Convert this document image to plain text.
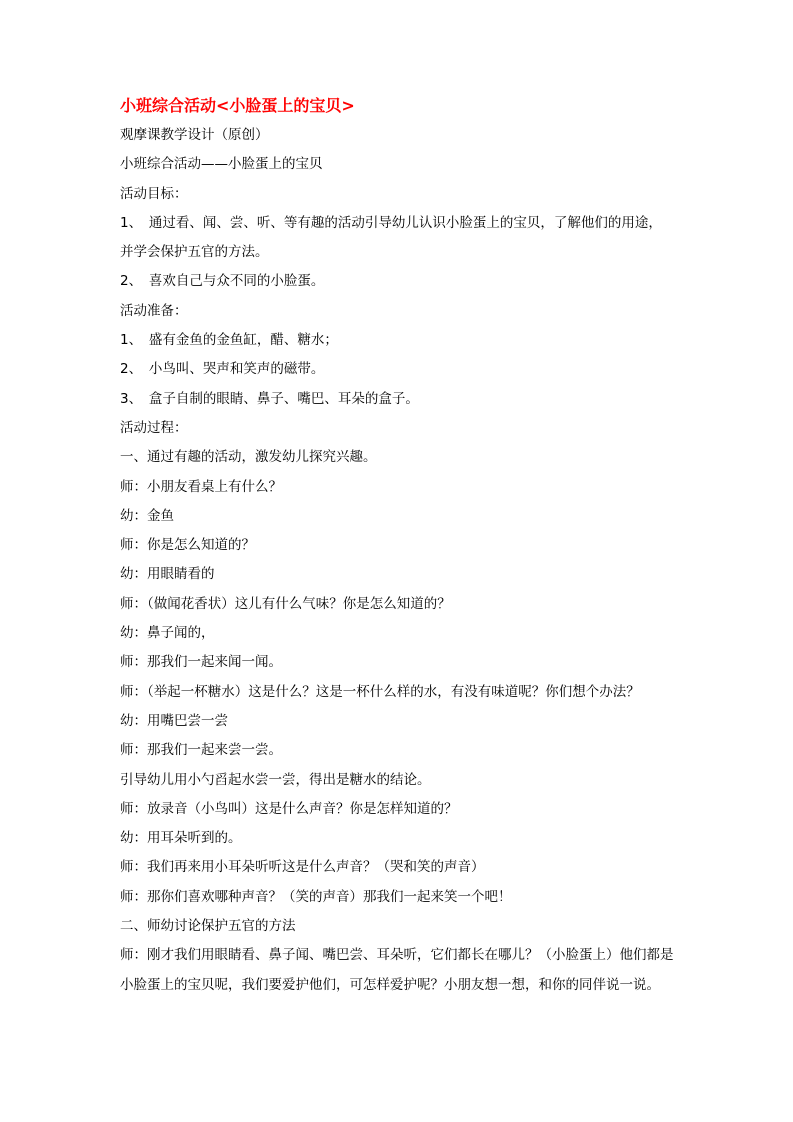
小班综合活动<小脸蛋上的宝贝>
观摩课教学设计（原创）
小班综合活动——小脸蛋上的宝贝
活动目标：
1、　通过看、闻、尝、听、等有趣的活动引导幼儿认识小脸蛋上的宝贝，了解他们的用途，并学会保护五官的方法。
2、　喜欢自己与众不同的小脸蛋。
活动准备：
1、　盛有金鱼的金鱼缸，醋、糖水；
2、　小鸟叫、哭声和笑声的磁带。
3、　盒子自制的眼睛、鼻子、嘴巴、耳朵的盒子。
活动过程：
一、通过有趣的活动，激发幼儿探究兴趣。
师：小朋友看桌上有什么？
幼：金鱼
师：你是怎么知道的？
幼：用眼睛看的
师：（做闻花香状）这儿有什么气味？你是怎么知道的？
幼：鼻子闻的，
师：那我们一起来闻一闻。
师：（举起一杯糖水）这是什么？这是一杯什么样的水，有没有味道呢？你们想个办法？
幼：用嘴巴尝一尝
师：那我们一起来尝一尝。
引导幼儿用小勺舀起水尝一尝，得出是糖水的结论。
师：放录音（小鸟叫）这是什么声音？你是怎样知道的？
幼：用耳朵听到的。
师：我们再来用小耳朵听听这是什么声音？（哭和笑的声音）
师：那你们喜欢哪种声音？（笑的声音）那我们一起来笑一个吧！
二、师幼讨论保护五官的方法
师：刚才我们用眼睛看、鼻子闻、嘴巴尝、耳朵听，它们都长在哪儿？（小脸蛋上）他们都是小脸蛋上的宝贝呢，我们要爱护他们，可怎样爱护呢？小朋友想一想，和你的同伴说一说。
